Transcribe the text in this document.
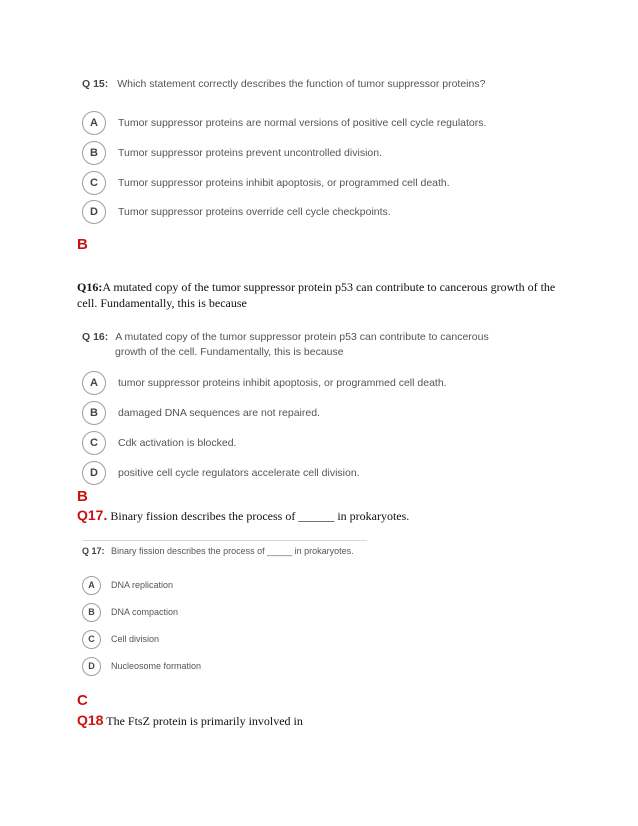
Q 15: Which statement correctly describes the function of tumor suppressor proteins?
A	Tumor suppressor proteins are normal versions of positive cell cycle regulators.
B	Tumor suppressor proteins prevent uncontrolled division.
C	Tumor suppressor proteins inhibit apoptosis, or programmed cell death.
D	Tumor suppressor proteins override cell cycle checkpoints.
B
Q16:A mutated copy of the tumor suppressor protein p53 can contribute to cancerous growth of the
cell. Fundamentally, this is because
Q 16: A mutated copy of the tumor suppressor protein p53 can contribute to cancerous
growth of the cell. Fundamentally, this is because
A	tumor suppressor proteins inhibit apoptosis, or programmed cell death.
B	damaged DNA sequences are not repaired.
C	Cdk activation is blocked.
D	positive cell cycle regulators accelerate cell division.
B
Q17. Binary fission describes the process of ______ in prokaryotes.
Q 17: Binary fission describes the process of _____ in prokaryotes.
A	DNA replication
B	DNA compaction
C	Cell division
D	Nucleosome formation
C
Q18 The FtsZ protein is primarily involved in
